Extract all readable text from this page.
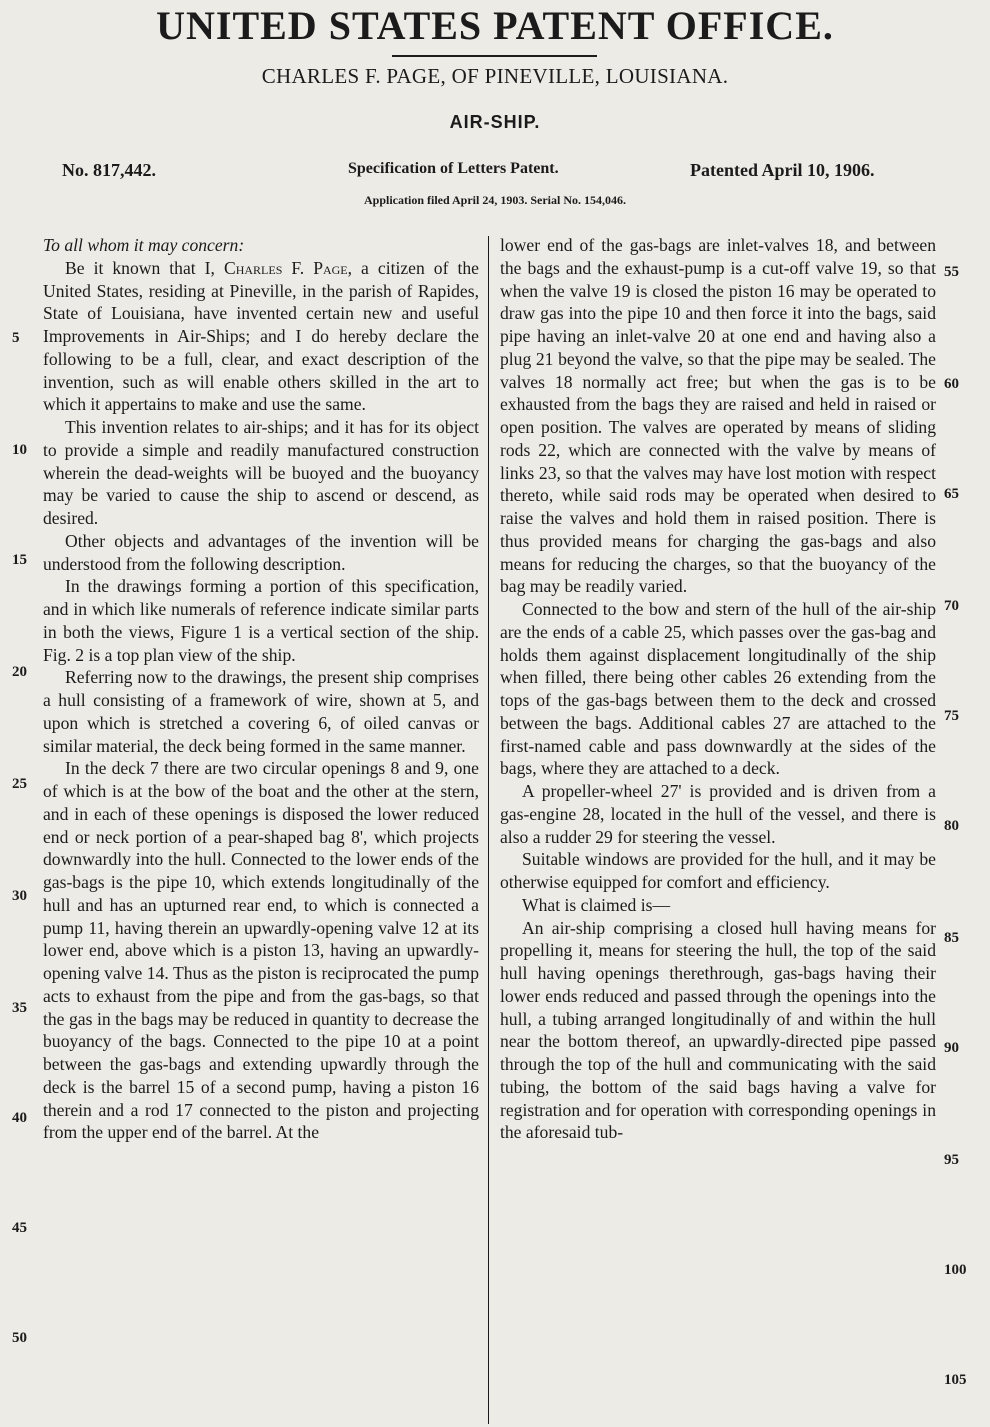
UNITED STATES PATENT OFFICE.
CHARLES F. PAGE, OF PINEVILLE, LOUISIANA.
AIR-SHIP.
No. 817,442.	Specification of Letters Patent.	Patented April 10, 1906.
Application filed April 24, 1903. Serial No. 154,046.

To all whom it may concern:

Be it known that I, Charles F. Page, a citizen of the United States, residing at Pineville, in the parish of Rapides, State of Louisiana, have invented certain new and useful Improvements in Air-Ships; and I do hereby declare the following to be a full, clear, and exact description of the invention, such as will enable others skilled in the art to which it appertains to make and use the same.

This invention relates to air-ships; and it has for its object to provide a simple and readily manufactured construction wherein the dead-weights will be buoyed and the buoyancy may be varied to cause the ship to ascend or descend, as desired.

Other objects and advantages of the invention will be understood from the following description.

In the drawings forming a portion of this specification, and in which like numerals of reference indicate similar parts in both the views, Figure 1 is a vertical section of the ship. Fig. 2 is a top plan view of the ship.

Referring now to the drawings, the present ship comprises a hull consisting of a framework of wire, shown at 5, and upon which is stretched a covering 6, of oiled canvas or similar material, the deck being formed in the same manner.

In the deck 7 there are two circular openings 8 and 9, one of which is at the bow of the boat and the other at the stern, and in each of these openings is disposed the lower reduced end or neck portion of a pear-shaped bag 8', which projects downwardly into the hull. Connected to the lower ends of the gas-bags is the pipe 10, which extends longitudinally of the hull and has an upturned rear end, to which is connected a pump 11, having therein an upwardly-opening valve 12 at its lower end, above which is a piston 13, having an upwardly-opening valve 14. Thus as the piston is reciprocated the pump acts to exhaust from the pipe and from the gas-bags, so that the gas in the bags may be reduced in quantity to decrease the buoyancy of the bags. Connected to the pipe 10 at a point between the gas-bags and extending upwardly through the deck is the barrel 15 of a second pump, having a piston 16 therein and a rod 17 connected to the piston and projecting from the upper end of the barrel. At the

lower end of the gas-bags are inlet-valves 18, and between the bags and the exhaust-pump is a cut-off valve 19, so that when the valve 19 is closed the piston 16 may be operated to draw gas into the pipe 10 and then force it into the bags, said pipe having an inlet-valve 20 at one end and having also a plug 21 beyond the valve, so that the pipe may be sealed. The valves 18 normally act free; but when the gas is to be exhausted from the bags they are raised and held in raised or open position. The valves are operated by means of sliding rods 22, which are connected with the valve by means of links 23, so that the valves may have lost motion with respect thereto, while said rods may be operated when desired to raise the valves and hold them in raised position. There is thus provided means for charging the gas-bags and also means for reducing the charges, so that the buoyancy of the bag may be readily varied.

Connected to the bow and stern of the hull of the air-ship are the ends of a cable 25, which passes over the gas-bag and holds them against displacement longitudinally of the ship when filled, there being other cables 26 extending from the tops of the gas-bags between them to the deck and crossed between the bags. Additional cables 27 are attached to the first-named cable and pass downwardly at the sides of the bags, where they are attached to a deck.

A propeller-wheel 27' is provided and is driven from a gas-engine 28, located in the hull of the vessel, and there is also a rudder 29 for steering the vessel.

Suitable windows are provided for the hull, and it may be otherwise equipped for comfort and efficiency.

What is claimed is—

An air-ship comprising a closed hull having means for propelling it, means for steering the hull, the top of the said hull having openings therethrough, gas-bags having their lower ends reduced and passed through the openings into the hull, a tubing arranged longitudinally of and within the hull near the bottom thereof, an upwardly-directed pipe passed through the top of the hull and communicating with the said tubing, the bottom of the said bags having a valve for registration and for operation with corresponding openings in the aforesaid tub-

5
10
15
20
25
30
35
40
45
50
55
60
65
70
75
80
85
90
95
100
105
